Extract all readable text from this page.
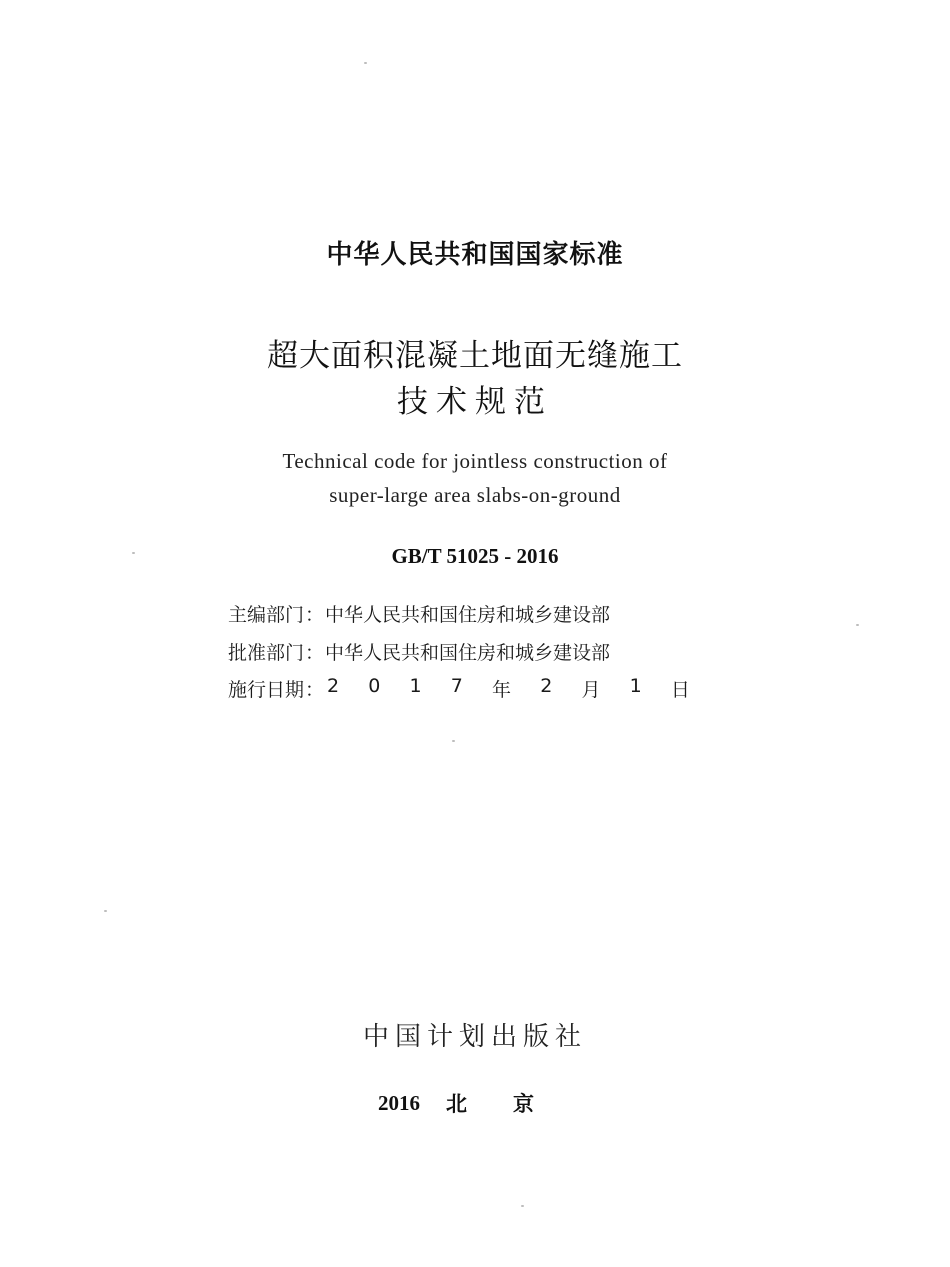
中华人民共和国国家标准
超大面积混凝土地面无缝施工
技术规范
Technical code for jointless construction of
super-large area slabs-on-ground
GB/T 51025 - 2016
主编部门 ： 中华人民共和国住房和城乡建设部
批准部门 ： 中华人民共和国住房和城乡建设部
施行日期 ： 2 0 1 7 年 2 月 1 日
中国计划出版社
2016 北 京
